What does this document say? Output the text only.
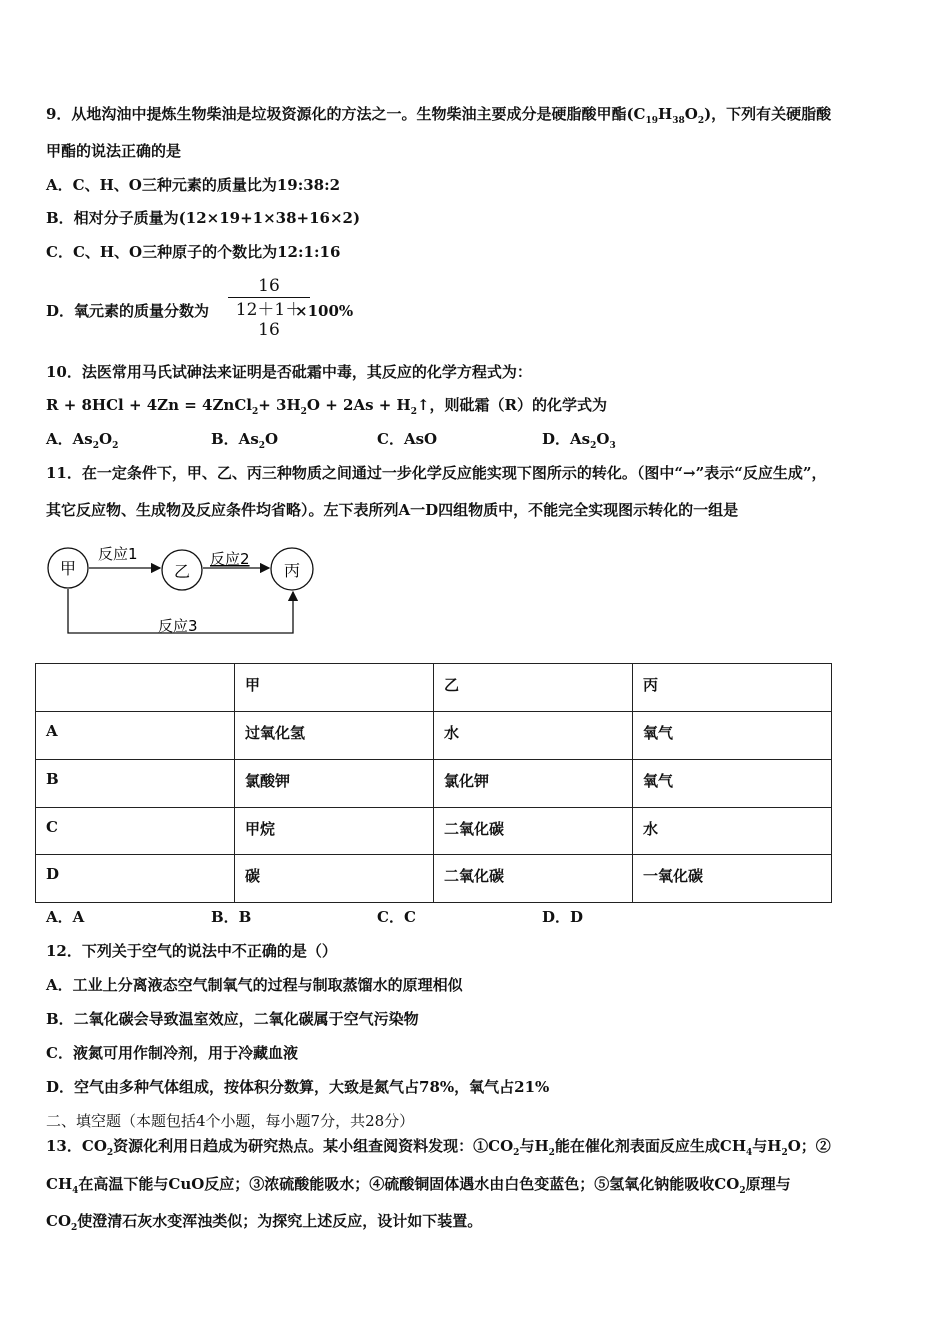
9．从地沟油中提炼生物柴油是垃圾资源化的方法之一。生物柴油主要成分是硬脂酸甲酯$(C_{19}H_{38}O_2)$，下列有关硬脂酸
甲酯的说法正确的是
A．C、H、O三种元素的质量比为19:38:2
B．相对分子质量为(12×19+1×38+16×2)
C．C、H、O三种原子的个数比为12:1:16
D．氧元素的质量分数为	×100%
16
12＋1＋16
10．法医常用马氏试砷法来证明是否砒霜中毒，其反应的化学方程式为：
R + 8HCl + 4Zn = 4ZnCl$_2$+ $3H_2O + 2As$ + $H_2↑$，则砒霜（R）的化学式为
A．$As_2O_2$	B．$As_2O$	C．AsO	D．$As_2O_3$
11．在一定条件下，甲、乙、丙三种物质之间通过一步化学反应能实现下图所示的转化。（图中“→”表示“反应生成”，
其它反应物、生成物及反应条件均省略）。左下表所列A一D四组物质中，不能完全实现图示转化的一组是
甲	乙	丙
反应1	反应2
反应3
	甲	乙	丙
A	过氧化氢	水	氧气
B	氯酸钾	氯化钾	氧气
C	甲烷	二氧化碳	水
D	碳	二氧化碳	一氧化碳
A．A	B．B	C．C	D．D
12．下列关于空气的说法中不正确的是（）
A．工业上分离液态空气制氧气的过程与制取蒸馏水的原理相似
B．二氧化碳会导致温室效应，二氧化碳属于空气污染物
C．液氮可用作制冷剂，用于冷藏血液
D．空气由多种气体组成，按体积分数算，大致是氮气占78%，氧气占21%
二、填空题（本题包括4个小题，每小题7分，共28分）
13．$CO_2$资源化利用日趋成为研究热点。某小组查阅资料发现：$①CO_2$与$H_2$能在催化剂表面反应生成$CH_4$与$H_2O$；②
$CH_4$在高温下能与CuO反应；③浓硫酸能吸水；④硫酸铜固体遇水由白色变蓝色；⑤氢氧化钠能吸收$CO_2$原理与
$CO_2$使澄清石灰水变浑浊类似；为探究上述反应，设计如下装置。
